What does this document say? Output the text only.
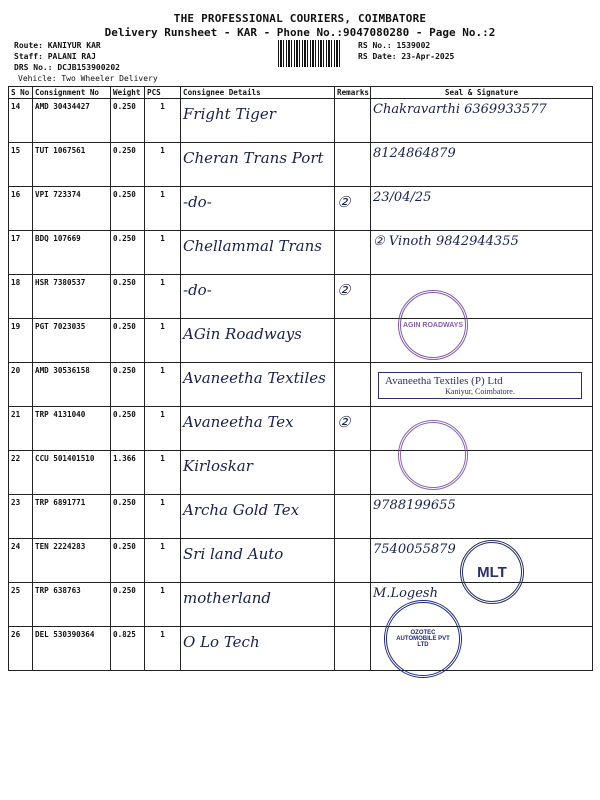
THE PROFESSIONAL COURIERS, COIMBATORE
Delivery Runsheet - KAR - Phone No.:9047080280 - Page No.:2
Route: KANIYUR KAR
Staff: PALANI RAJ
DRS No.: DCJB153900202
Vehicle: Two Wheeler Delivery
RS No.: 1539002
RS Date: 23-Apr-2025
S No	Consignment No	Weight	PCS	Consignee Details	Remarks	Seal & Signature
14	AMD 30434427	0.250	1	Fright Tiger		Chakravarthi 6369933577
15	TUT 1067561	0.250	1	Cheran Trans Port		8124864879
16	VPI 723374	0.250	1	-do-	②	23/04/25
17	BDQ 107669	0.250	1	Chellammal Trans		② Vinoth 9842944355
18	HSR 7380537	0.250	1	-do-	②	
19	PGT 7023035	0.250	1	AGin Roadways		
20	AMD 30536158	0.250	1	Avaneetha Textiles		
21	TRP 4131040	0.250	1	Avaneetha Tex	②	
22	CCU 501401510	1.366	1	Kirloskar		
23	TRP 6891771	0.250	1	Archa Gold Tex		9788199655
24	TEN 2224283	0.250	1	Sri land Auto		7540055879
25	TRP 638763	0.250	1	motherland		M.Logesh
26	DEL 530390364	0.825	1	O Lo Tech		
AGIN ROADWAYS
Avaneetha Textiles (P) Ltd
Kaniyur, Coimbatore.
MLT
OZOTEC AUTOMOBILE PVT LTD
